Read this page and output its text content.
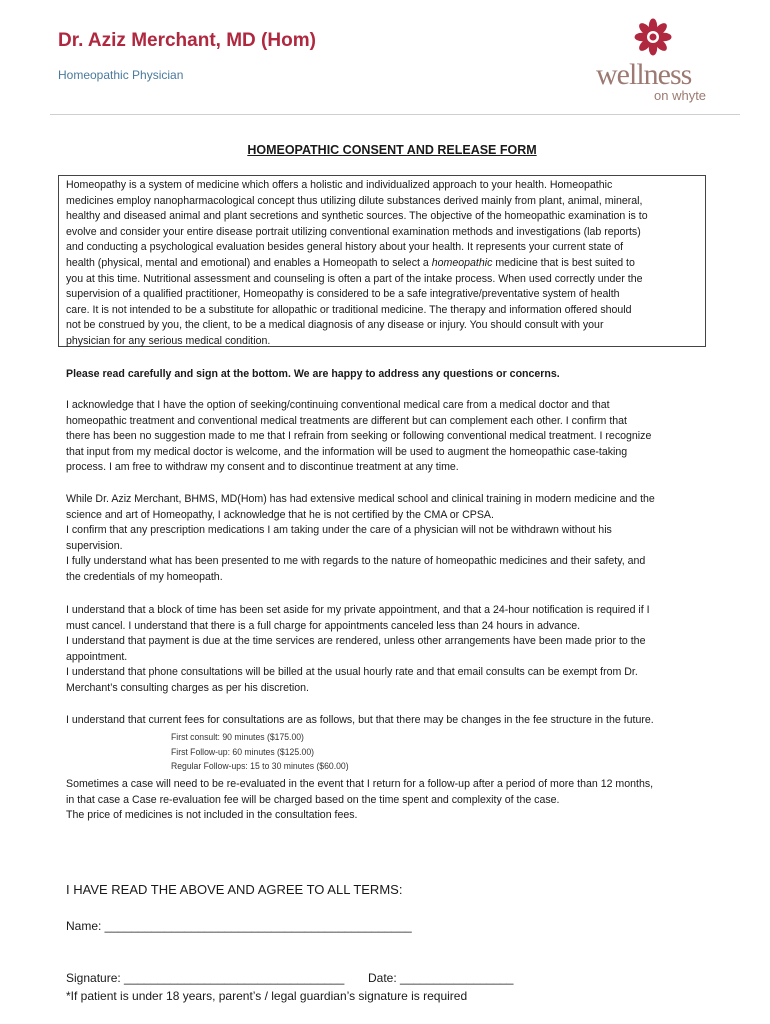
Dr. Aziz Merchant, MD (Hom)
Homeopathic Physician	wellness
on whyte
HOMEOPATHIC CONSENT AND RELEASE FORM
Homeopathy is a system of medicine which offers a holistic and individualized approach to your health. Homeopathic
medicines employ nanopharmacological concept thus utilizing dilute substances derived mainly from plant, animal, mineral,
healthy and diseased animal and plant secretions and synthetic sources. The objective of the homeopathic examination is to
evolve and consider your entire disease portrait utilizing conventional examination methods and investigations (lab reports)
and conducting a psychological evaluation besides general history about your health. It represents your current state of
health (physical, mental and emotional) and enables a Homeopath to select a homeopathic medicine that is best suited to
you at this time. Nutritional assessment and counseling is often a part of the intake process. When used correctly under the
supervision of a qualified practitioner, Homeopathy is considered to be a safe integrative/preventative system of health
care. It is not intended to be a substitute for allopathic or traditional medicine. The therapy and information offered should
not be construed by you, the client, to be a medical diagnosis of any disease or injury. You should consult with your
physician for any serious medical condition.
Please read carefully and sign at the bottom. We are happy to address any questions or concerns.
I acknowledge that I have the option of seeking/continuing conventional medical care from a medical doctor and that
homeopathic treatment and conventional medical treatments are different but can complement each other. I confirm that
there has been no suggestion made to me that I refrain from seeking or following conventional medical treatment. I recognize
that input from my medical doctor is welcome, and the information will be used to augment the homeopathic case-taking
process. I am free to withdraw my consent and to discontinue treatment at any time.
While Dr. Aziz Merchant, BHMS, MD(Hom) has had extensive medical school and clinical training in modern medicine and the
science and art of Homeopathy, I acknowledge that he is not certified by the CMA or CPSA.
I confirm that any prescription medications I am taking under the care of a physician will not be withdrawn without his
supervision.
I fully understand what has been presented to me with regards to the nature of homeopathic medicines and their safety, and
the credentials of my homeopath.
I understand that a block of time has been set aside for my private appointment, and that a 24-hour notification is required if I
must cancel. I understand that there is a full charge for appointments canceled less than 24 hours in advance.
I understand that payment is due at the time services are rendered, unless other arrangements have been made prior to the
appointment.
I understand that phone consultations will be billed at the usual hourly rate and that email consults can be exempt from Dr.
Merchant’s consulting charges as per his discretion.
I understand that current fees for consultations are as follows, but that there may be changes in the fee structure in the future.
First consult: 90 minutes ($175.00)
First Follow-up: 60 minutes ($125.00)
Regular Follow-ups: 15 to 30 minutes ($60.00)
Sometimes a case will need to be re-evaluated in the event that I return for a follow-up after a period of more than 12 months,
in that case a Case re-evaluation fee will be charged based on the time spent and complexity of the case.
The price of medicines is not included in the consultation fees.
I HAVE READ THE ABOVE AND AGREE TO ALL TERMS:
Name: ______________________________________________
Signature: _________________________________ Date: _________________
*If patient is under 18 years, parent’s / legal guardian’s signature is required
